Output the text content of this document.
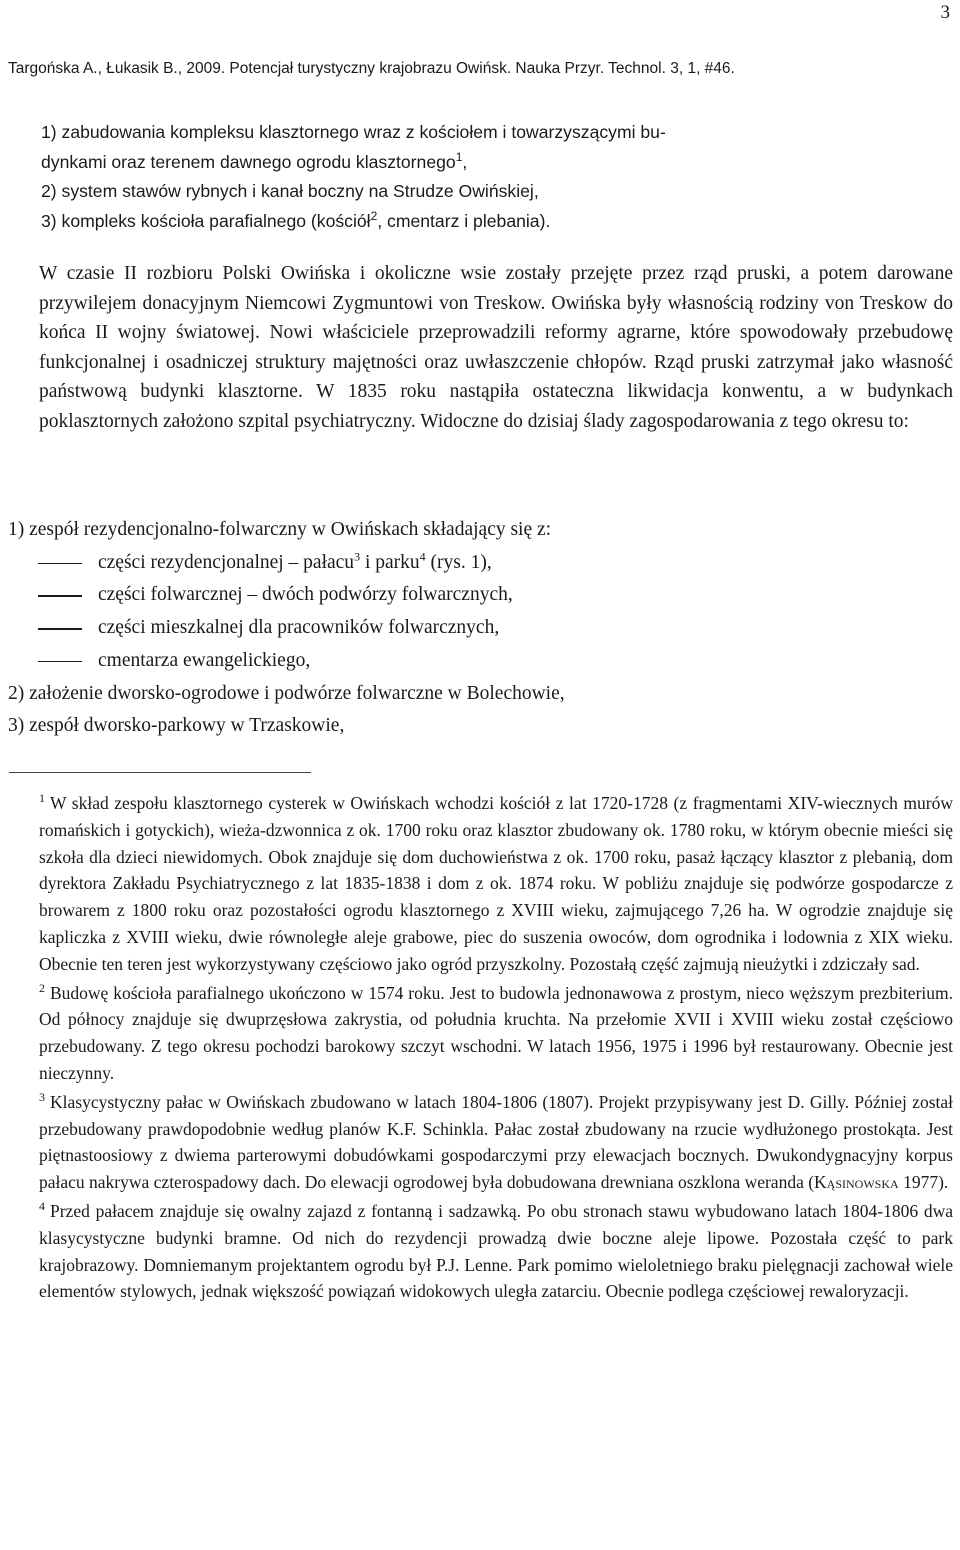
3
Targońska A., Łukasik B., 2009. Potencjał turystyczny krajobrazu Owińsk. Nauka Przyr. Technol. 3, 1, #46.
1) zabudowania kompleksu klasztornego wraz z kościołem i towarzyszącymi bu-
dynkami oraz terenem dawnego ogrodu klasztornego$^1$,
2) system stawów rybnych i kanał boczny na Strudze Owińskiej,
3) kompleks kościoła parafialnego (kościół$^2$, cmentarz i plebania).

W czasie II rozbioru Polski Owińska i okoliczne wsie zostały przejęte przez rząd pruski, a potem darowane przywilejem donacyjnym Niemcowi Zygmuntowi von Treskow. Owińska były własnością rodziny von Treskow do końca II wojny światowej. Nowi właściciele przeprowadzili reformy agrarne, które spowodowały przebudowę funkcjonalnej i osadniczej struktury majętności oraz uwłaszczenie chłopów. Rząd pruski zatrzymał jako własność państwową budynki klasztorne. W 1835 roku nastąpiła ostateczna likwidacja konwentu, a w budynkach poklasztornych założono szpital psychiatryczny. Widoczne do dzisiaj ślady zagospodarowania z tego okresu to:

1) zespół rezydencjonalno-folwarczny w Owińskach składający się z:
części rezydencjonalnej – pałacu$^3$ i parku$^4$ (rys. 1),
części folwarcznej – dwóch podwórzy folwarcznych,
części mieszkalnej dla pracowników folwarcznych,
cmentarza ewangelickiego,
2) założenie dworsko-ogrodowe i podwórze folwarczne w Bolechowie,
3) zespół dworsko-parkowy w Trzaskowie,

$^1$ W skład zespołu klasztornego cysterek w Owińskach wchodzi kościół z lat 1720-1728 (z fragmentami XIV-wiecznych murów romańskich i gotyckich), wieża-dzwonnica z ok. 1700 roku oraz klasztor zbudowany ok. 1780 roku, w którym obecnie mieści się szkoła dla dzieci niewidomych. Obok znajduje się dom duchowieństwa z ok. 1700 roku, pasaż łączący klasztor z plebanią, dom dyrektora Zakładu Psychiatrycznego z lat 1835-1838 i dom z ok. 1874 roku. W pobliżu znajduje się podwórze gospodarcze z browarem z 1800 roku oraz pozostałości ogrodu klasztornego z XVIII wieku, zajmującego 7,26 ha. W ogrodzie znajduje się kapliczka z XVIII wieku, dwie równoległe aleje grabowe, piec do suszenia owoców, dom ogrodnika i lodownia z XIX wieku. Obecnie ten teren jest wykorzystywany częściowo jako ogród przyszkolny. Pozostałą część zajmują nieużytki i zdziczały sad.

$^2$ Budowę kościoła parafialnego ukończono w 1574 roku. Jest to budowla jednonawowa z prostym, nieco węższym prezbiterium. Od północy znajduje się dwuprzęsłowa zakrystia, od południa kruchta. Na przełomie XVII i XVIII wieku został częściowo przebudowany. Z tego okresu pochodzi barokowy szczyt wschodni. W latach 1956, 1975 i 1996 był restaurowany. Obecnie jest nieczynny.

$^3$ Klasycystyczny pałac w Owińskach zbudowano w latach 1804-1806 (1807). Projekt przypisywany jest D. Gilly. Później został przebudowany prawdopodobnie według planów K.F. Schinkla. Pałac został zbudowany na rzucie wydłużonego prostokąta. Jest piętnastoosiowy z dwiema parterowymi dobudówkami gospodarczymi przy elewacjach bocznych. Dwukondygnacyjny korpus pałacu nakrywa czterospadowy dach. Do elewacji ogrodowej była dobudowana drewniana oszklona weranda (Kąsinowska 1977).

$^4$ Przed pałacem znajduje się owalny zajazd z fontanną i sadzawką. Po obu stronach stawu wybudowano latach 1804-1806 dwa klasycystyczne budynki bramne. Od nich do rezydencji prowadzą dwie boczne aleje lipowe. Pozostała część to park krajobrazowy. Domniemanym projektantem ogrodu był P.J. Lenne. Park pomimo wieloletniego braku pielęgnacji zachował wiele elementów stylowych, jednak większość powiązań widokowych uległa zatarciu. Obecnie podlega częściowej rewaloryzacji.
